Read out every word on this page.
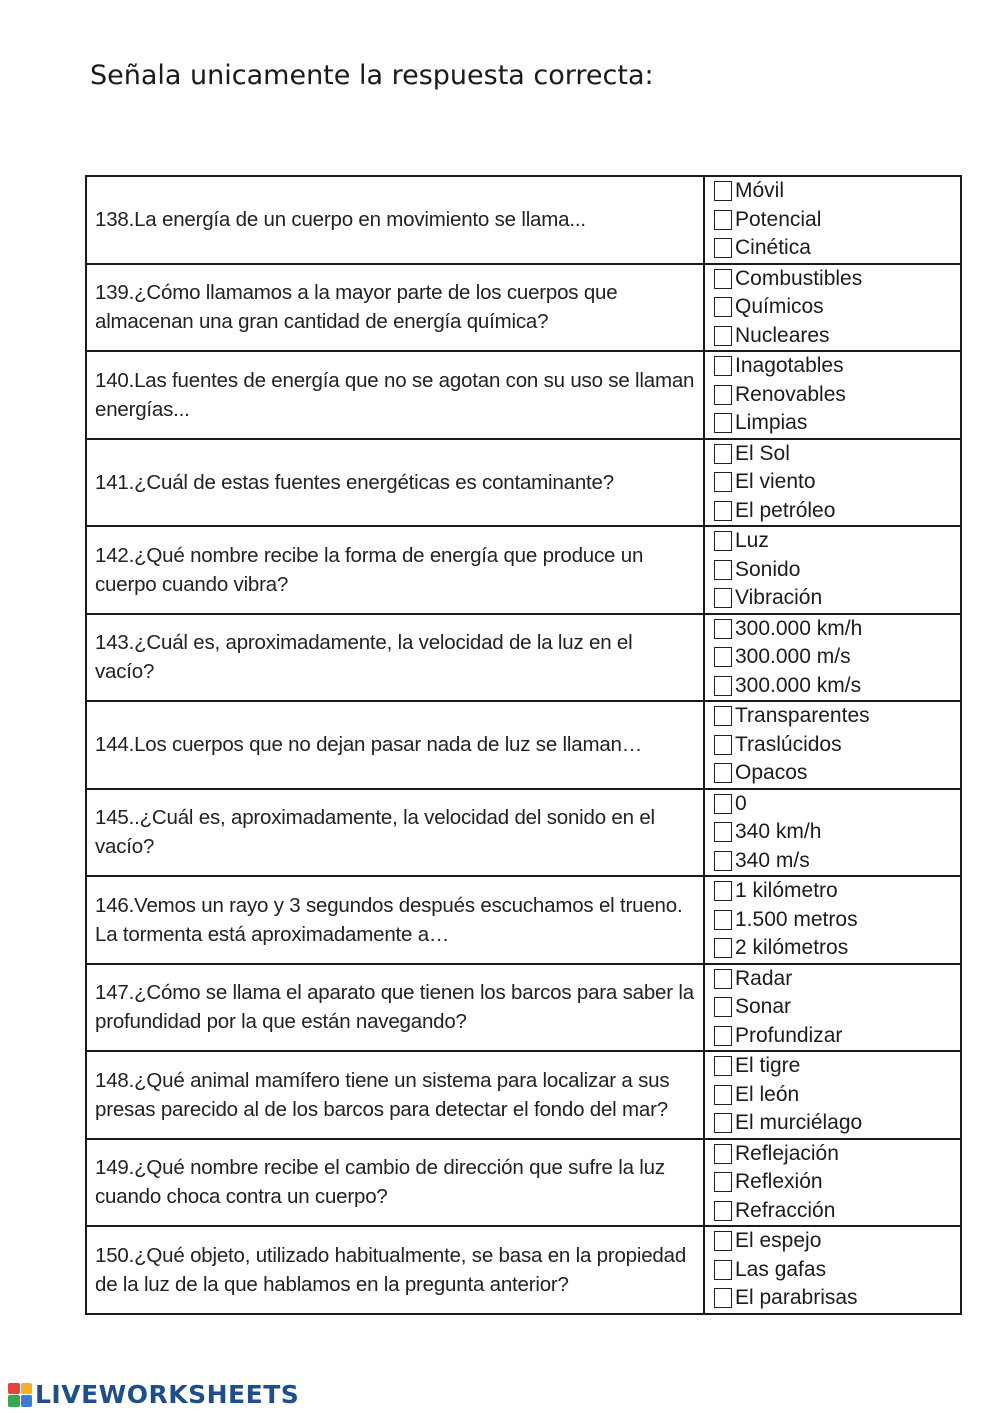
Señala unicamente la respuesta correcta:
138.La energía de un cuerpo en movimiento se llama...	Móvil
Potencial
Cinética

139.¿Cómo llamamos a la mayor parte de los cuerpos que almacenan una gran cantidad de energía química?	Combustibles
Químicos
Nucleares

140.Las fuentes de energía que no se agotan con su uso se llaman energías...	Inagotables
Renovables
Limpias

141.¿Cuál de estas fuentes energéticas es contaminante?	El Sol
El viento
El petróleo

142.¿Qué nombre recibe la forma de energía que produce un cuerpo cuando vibra?	Luz
Sonido
Vibración

143.¿Cuál es, aproximadamente, la velocidad de la luz en el vacío?	300.000 km/h
300.000 m/s
300.000 km/s

144.Los cuerpos que no dejan pasar nada de luz se llaman…	Transparentes
Traslúcidos
Opacos

145..¿Cuál es, aproximadamente, la velocidad del sonido en el vacío?	0
340 km/h
340 m/s

146.Vemos un rayo y 3 segundos después escuchamos el trueno. La tormenta está aproximadamente a…	1 kilómetro
1.500 metros
2 kilómetros

147.¿Cómo se llama el aparato que tienen los barcos para saber la profundidad por la que están navegando?	Radar
Sonar
Profundizar

148.¿Qué animal mamífero tiene un sistema para localizar a sus presas parecido al de los barcos para detectar el fondo del mar?	El tigre
El león
El murciélago

149.¿Qué nombre recibe el cambio de dirección que sufre la luz cuando choca contra un cuerpo?	Reflejación
Reflexión
Refracción

150.¿Qué objeto, utilizado habitualmente, se basa en la propiedad de la luz de la que hablamos en la pregunta anterior?	El espejo
Las gafas
El parabrisas
LIVEWORKSHEETS
